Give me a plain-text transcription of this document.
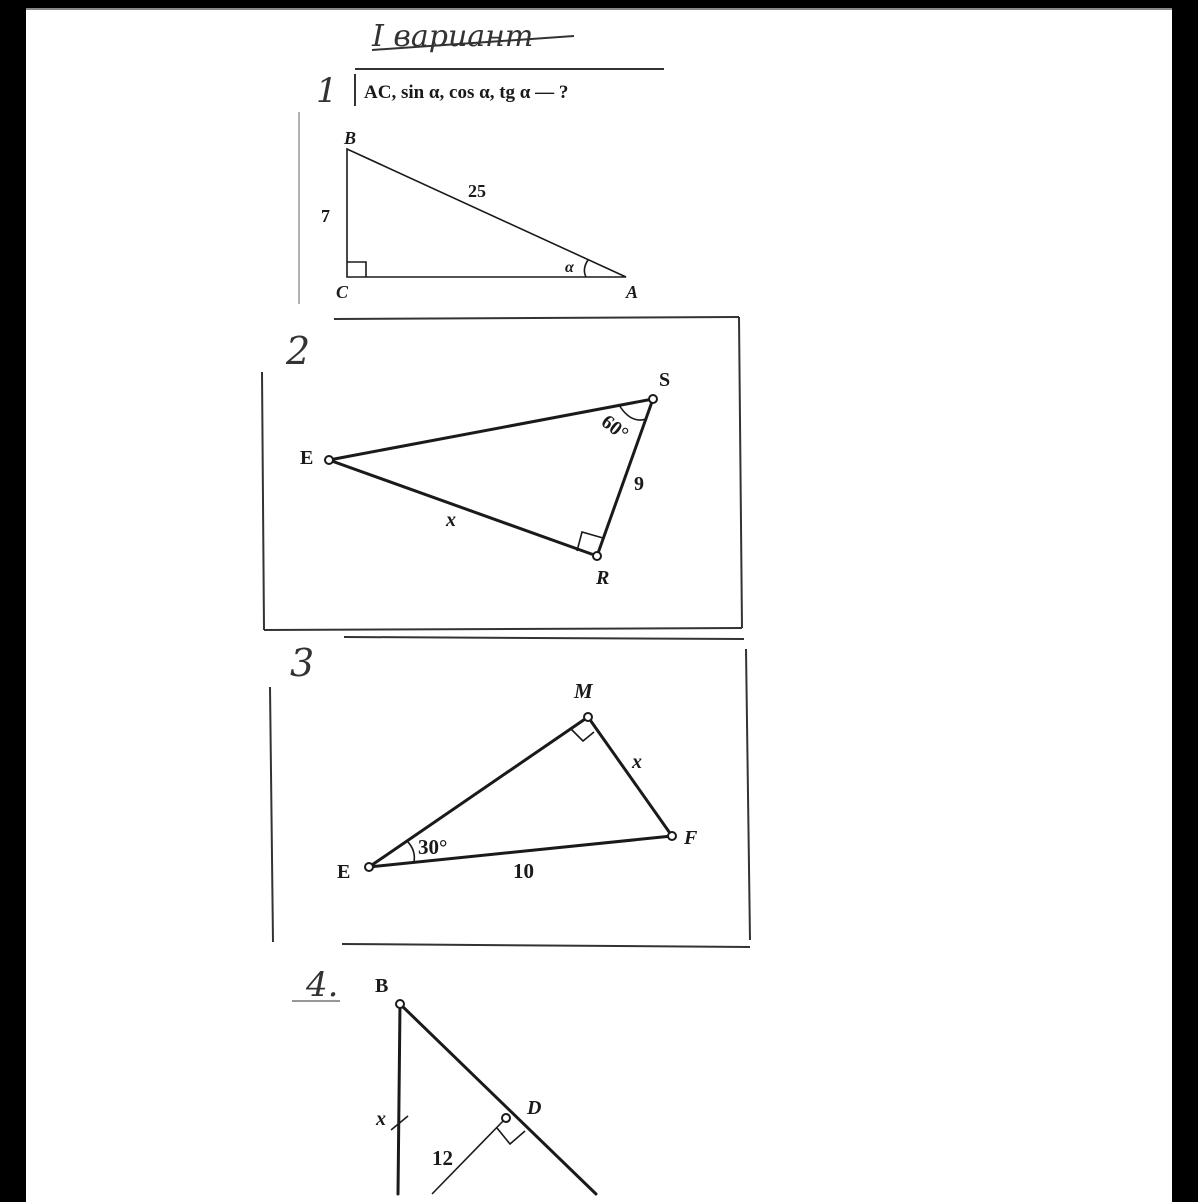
I вариант
1 AC, sin α, cos α, tg α — ?
B
C	A
7
25
α
2
E
S
R
60°
9
x
3
M
E
F
30°
10
x
4. B
D
x
12
